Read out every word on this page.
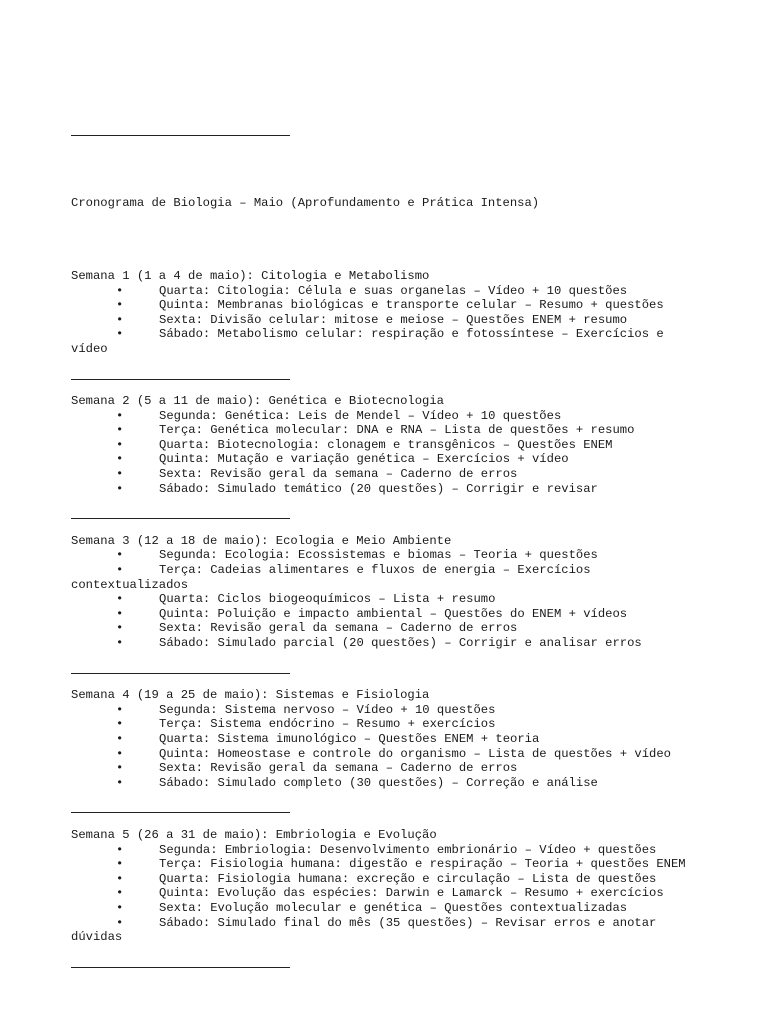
Cronograma de Biologia – Maio (Aprofundamento e Prática Intensa)

Semana 1 (1 a 4 de maio): Citologia e Metabolismo
•	Quarta: Citologia: Célula e suas organelas – Vídeo + 10 questões
•	Quinta: Membranas biológicas e transporte celular – Resumo + questões
•	Sexta: Divisão celular: mitose e meiose – Questões ENEM + resumo
•	Sábado: Metabolismo celular: respiração e fotossíntese – Exercícios e vídeo
Semana 2 (5 a 11 de maio): Genética e Biotecnologia
•	Segunda: Genética: Leis de Mendel – Vídeo + 10 questões
•	Terça: Genética molecular: DNA e RNA – Lista de questões + resumo
•	Quarta: Biotecnologia: clonagem e transgênicos – Questões ENEM
•	Quinta: Mutação e variação genética – Exercícios + vídeo
•	Sexta: Revisão geral da semana – Caderno de erros
•	Sábado: Simulado temático (20 questões) – Corrigir e revisar
Semana 3 (12 a 18 de maio): Ecologia e Meio Ambiente
•	Segunda: Ecologia: Ecossistemas e biomas – Teoria + questões
•	Terça: Cadeias alimentares e fluxos de energia – Exercícios contextualizados
•	Quarta: Ciclos biogeoquímicos – Lista + resumo
•	Quinta: Poluição e impacto ambiental – Questões do ENEM + vídeos
•	Sexta: Revisão geral da semana – Caderno de erros
•	Sábado: Simulado parcial (20 questões) – Corrigir e analisar erros
Semana 4 (19 a 25 de maio): Sistemas e Fisiologia
•	Segunda: Sistema nervoso – Vídeo + 10 questões
•	Terça: Sistema endócrino – Resumo + exercícios
•	Quarta: Sistema imunológico – Questões ENEM + teoria
•	Quinta: Homeostase e controle do organismo – Lista de questões + vídeo
•	Sexta: Revisão geral da semana – Caderno de erros
•	Sábado: Simulado completo (30 questões) – Correção e análise
Semana 5 (26 a 31 de maio): Embriologia e Evolução
•	Segunda: Embriologia: Desenvolvimento embrionário – Vídeo + questões
•	Terça: Fisiologia humana: digestão e respiração – Teoria + questões ENEM
•	Quarta: Fisiologia humana: excreção e circulação – Lista de questões
•	Quinta: Evolução das espécies: Darwin e Lamarck – Resumo + exercícios
•	Sexta: Evolução molecular e genética – Questões contextualizadas
•	Sábado: Simulado final do mês (35 questões) – Revisar erros e anotar dúvidas
